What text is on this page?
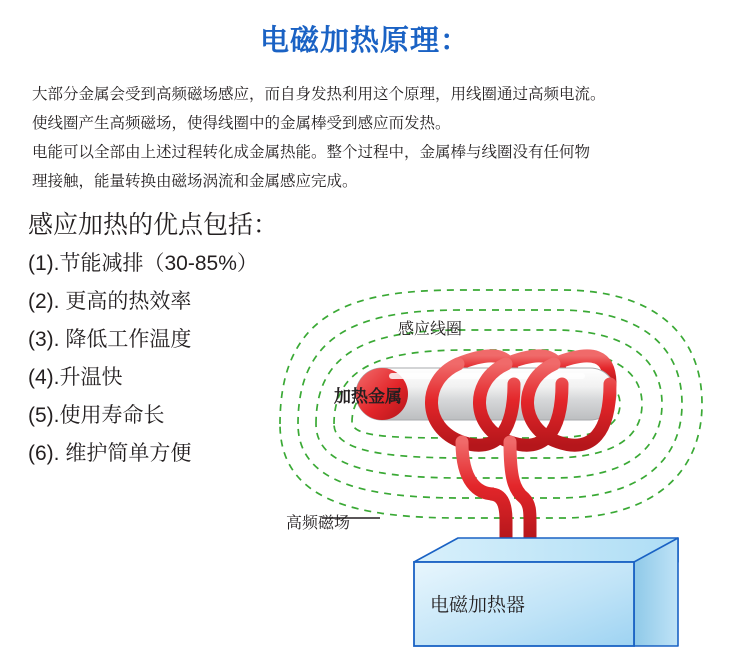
电磁加热原理：

大部分金属会受到高频磁场感应，而自身发热利用这个原理，用线圈通过高频电流。

使线圈产生高频磁场，使得线圈中的金属棒受到感应而发热。

电能可以全部由上述过程转化成金属热能。整个过程中，金属棒与线圈没有任何物

理接触，能量转换由磁场涡流和金属感应完成。

感应加热的优点包括：
(1).节能减排（30-85%）
(2). 更高的热效率
(3). 降低工作温度
(4).升温快
(5).使用寿命长
(6). 维护简单方便
感应线圈
加热金属
高频磁场
电磁加热器
